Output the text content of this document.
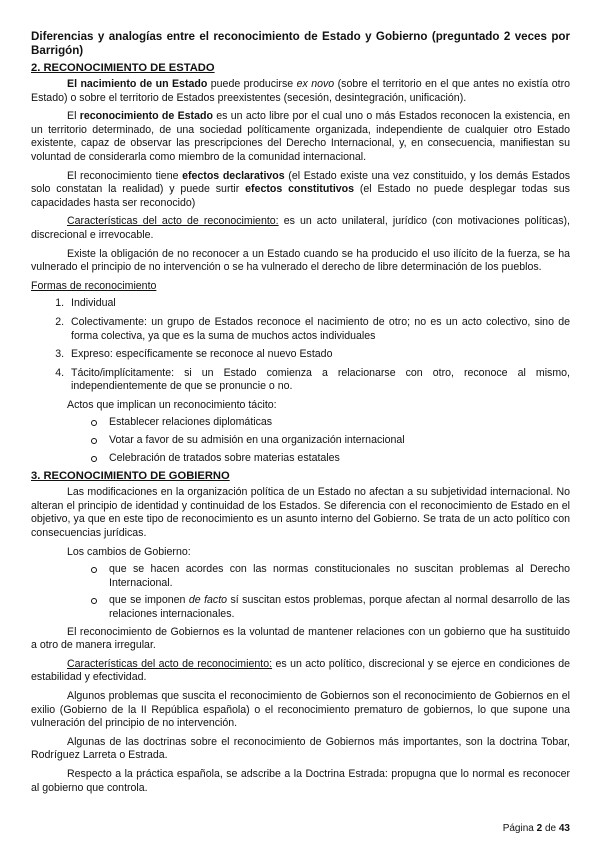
Diferencias y analogías entre el reconocimiento de Estado y Gobierno (preguntado 2 veces por Barrigón)
2. RECONOCIMIENTO DE ESTADO

El nacimiento de un Estado puede producirse ex novo (sobre el territorio en el que antes no existía otro Estado) o sobre el territorio de Estados preexistentes (secesión, desintegración, unificación).

El reconocimiento de Estado es un acto libre por el cual uno o más Estados reconocen la existencia, en un territorio determinado, de una sociedad políticamente organizada, independiente de cualquier otro Estado existente, capaz de observar las prescripciones del Derecho Internacional, y, en consecuencia, manifiestan su voluntad de considerarla como miembro de la comunidad internacional.

El reconocimiento tiene efectos declarativos (el Estado existe una vez constituido, y los demás Estados solo constatan la realidad) y puede surtir efectos constitutivos (el Estado no puede desplegar todas sus capacidades hasta ser reconocido)

Características del acto de reconocimiento: es un acto unilateral, jurídico (con motivaciones políticas), discrecional e irrevocable.

Existe la obligación de no reconocer a un Estado cuando se ha producido el uso ilícito de la fuerza, se ha vulnerado el principio de no intervención o se ha vulnerado el derecho de libre determinación de los pueblos.

Formas de reconocimiento

1. Individual
2. Colectivamente: un grupo de Estados reconoce el nacimiento de otro; no es un acto colectivo, sino de forma colectiva, ya que es la suma de muchos actos individuales
3. Expreso: específicamente se reconoce al nuevo Estado
4. Tácito/implícitamente: si un Estado comienza a relacionarse con otro, reconoce al mismo, independientemente de que se pronuncie o no.
Actos que implican un reconocimiento tácito:
Establecer relaciones diplomáticas
Votar a favor de su admisión en una organización internacional
Celebración de tratados sobre materias estatales
3. RECONOCIMIENTO DE GOBIERNO

Las modificaciones en la organización política de un Estado no afectan a su subjetividad internacional. No alteran el principio de identidad y continuidad de los Estados. Se diferencia con el reconocimiento de Estado en el objetivo, ya que en este tipo de reconocimiento es un asunto interno del Gobierno. Se trata de un acto político con consecuencias jurídicas.

Los cambios de Gobierno:
que se hacen acordes con las normas constitucionales no suscitan problemas al Derecho Internacional.
que se imponen de facto sí suscitan estos problemas, porque afectan al normal desarrollo de las relaciones internacionales.

El reconocimiento de Gobiernos es la voluntad de mantener relaciones con un gobierno que ha sustituido a otro de manera irregular.

Características del acto de reconocimiento: es un acto político, discrecional y se ejerce en condiciones de estabilidad y efectividad.

Algunos problemas que suscita el reconocimiento de Gobiernos son el reconocimiento de Gobiernos en el exilio (Gobierno de la II República española) o el reconocimiento prematuro de gobiernos, lo que supone una vulneración del principio de no intervención.

Algunas de las doctrinas sobre el reconocimiento de Gobiernos más importantes, son la doctrina Tobar, Rodríguez Larreta o Estrada.

Respecto a la práctica española, se adscribe a la Doctrina Estrada: propugna que lo normal es reconocer al gobierno que controla.

Página 2 de 43
